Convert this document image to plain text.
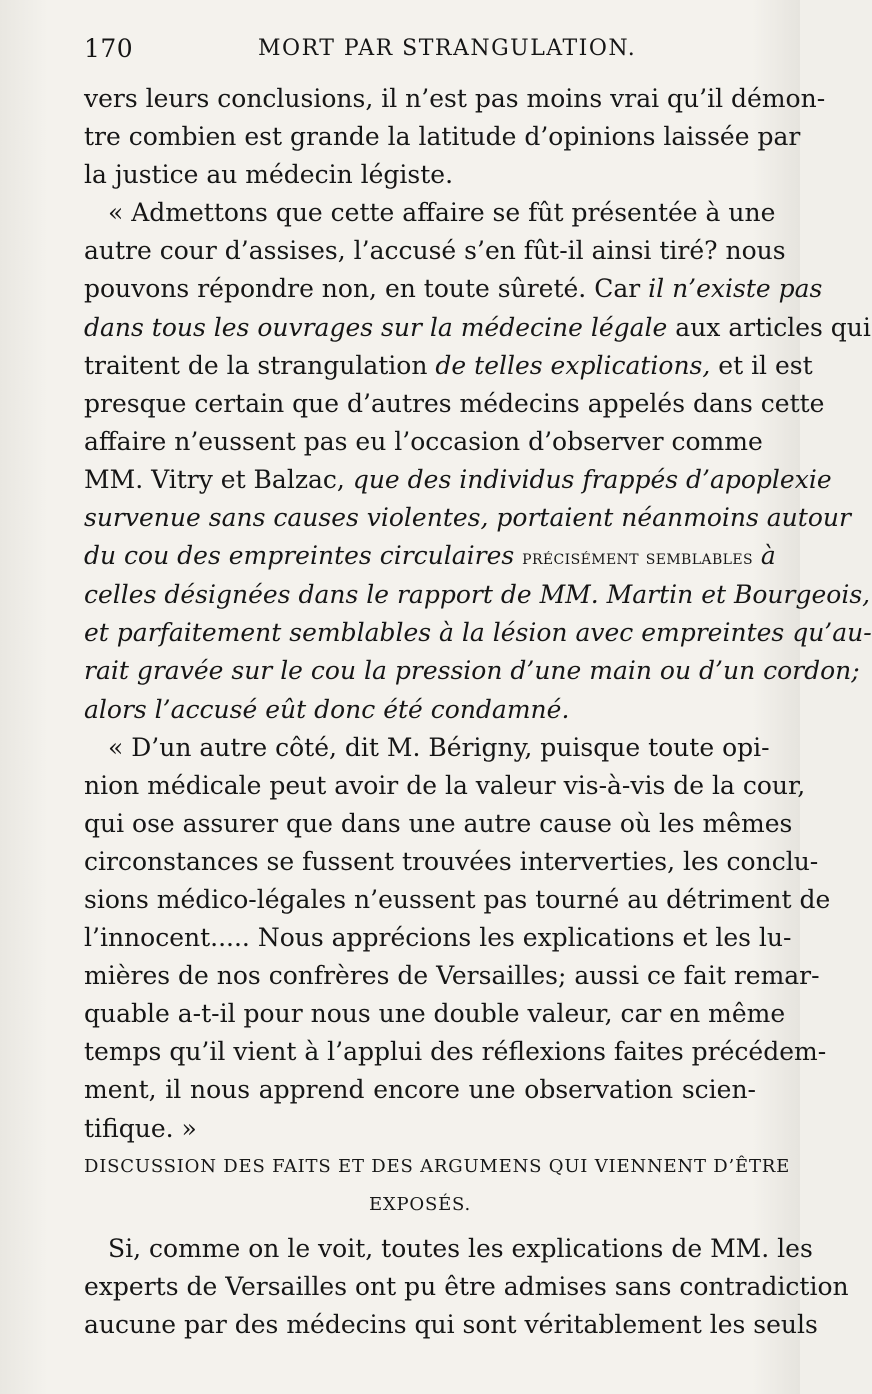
170	MORT PAR STRANGULATION.

vers leurs conclusions, il n’est pas moins vrai qu’il démon-
tre combien est grande la latitude d’opinions laissée par
la justice au médecin légiste.

« Admettons que cette affaire se fût présentée à une
autre cour d’assises, l’accusé s’en fût-il ainsi tiré? nous
pouvons répondre non, en toute sûreté. Car il n’existe pas
dans tous les ouvrages sur la médecine légale aux articles qui
traitent de la strangulation de telles explications, et il est
presque certain que d’autres médecins appelés dans cette
affaire n’eussent pas eu l’occasion d’observer comme
MM. Vitry et Balzac, que des individus frappés d’apoplexie
survenue sans causes violentes, portaient néanmoins autour
du cou des empreintes circulaires précisément semblables à
celles désignées dans le rapport de MM. Martin et Bourgeois,
et parfaitement semblables à la lésion avec empreintes qu’au-
rait gravée sur le cou la pression d’une main ou d’un cordon;
alors l’accusé eût donc été condamné.

« D’un autre côté, dit M. Bérigny, puisque toute opi-
nion médicale peut avoir de la valeur vis-à-vis de la cour,
qui ose assurer que dans une autre cause où les mêmes
circonstances se fussent trouvées interverties, les conclu-
sions médico-légales n’eussent pas tourné au détriment de
l’innocent..... Nous apprécions les explications et les lu-
mières de nos confrères de Versailles; aussi ce fait remar-
quable a-t-il pour nous une double valeur, car en même
temps qu’il vient à l’applui des réflexions faites précédem-
ment, il nous apprend encore une observation scien-
tifique. »

DISCUSSION DES FAITS ET DES ARGUMENS QUI VIENNENT D’ÊTRE
EXPOSÉS.

Si, comme on le voit, toutes les explications de MM. les
experts de Versailles ont pu être admises sans contradiction
aucune par des médecins qui sont véritablement les seuls
